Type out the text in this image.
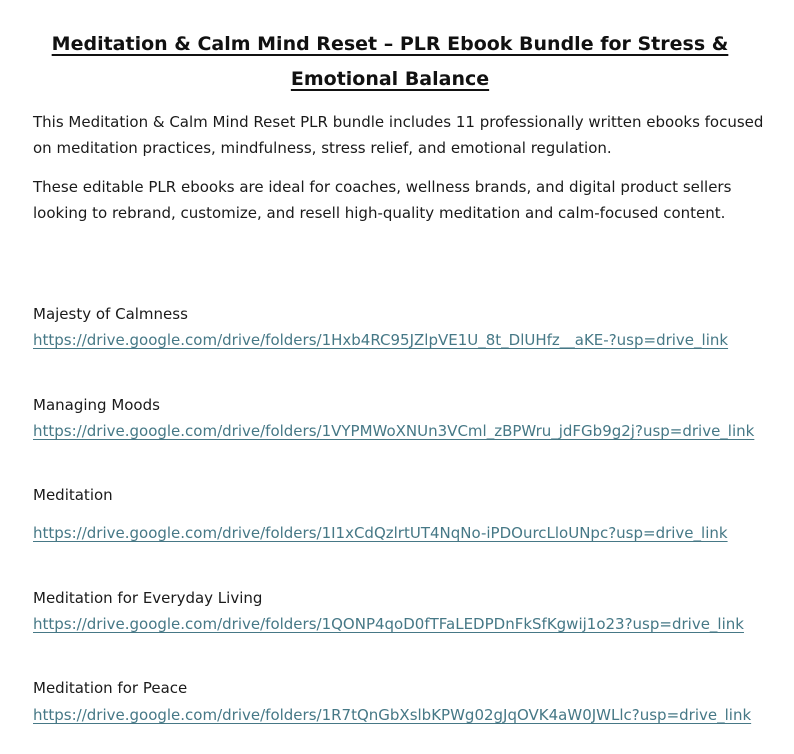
Meditation & Calm Mind Reset – PLR Ebook Bundle for Stress & Emotional Balance

This Meditation & Calm Mind Reset PLR bundle includes 11 professionally written ebooks focused on meditation practices, mindfulness, stress relief, and emotional regulation.

These editable PLR ebooks are ideal for coaches, wellness brands, and digital product sellers looking to rebrand, customize, and resell high-quality meditation and calm-focused content.

Majesty of Calmness
https://drive.google.com/drive/folders/1Hxb4RC95JZlpVE1U_8t_DlUHfz__aKE-?usp=drive_link
Managing Moods
https://drive.google.com/drive/folders/1VYPMWoXNUn3VCml_zBPWru_jdFGb9g2j?usp=drive_link
Meditation
https://drive.google.com/drive/folders/1I1xCdQzlrtUT4NqNo-iPDOurcLloUNpc?usp=drive_link
Meditation for Everyday Living
https://drive.google.com/drive/folders/1QONP4qoD0fTFaLEDPDnFkSfKgwij1o23?usp=drive_link
Meditation for Peace
https://drive.google.com/drive/folders/1R7tQnGbXslbKPWg02gJqOVK4aW0JWLlc?usp=drive_link
